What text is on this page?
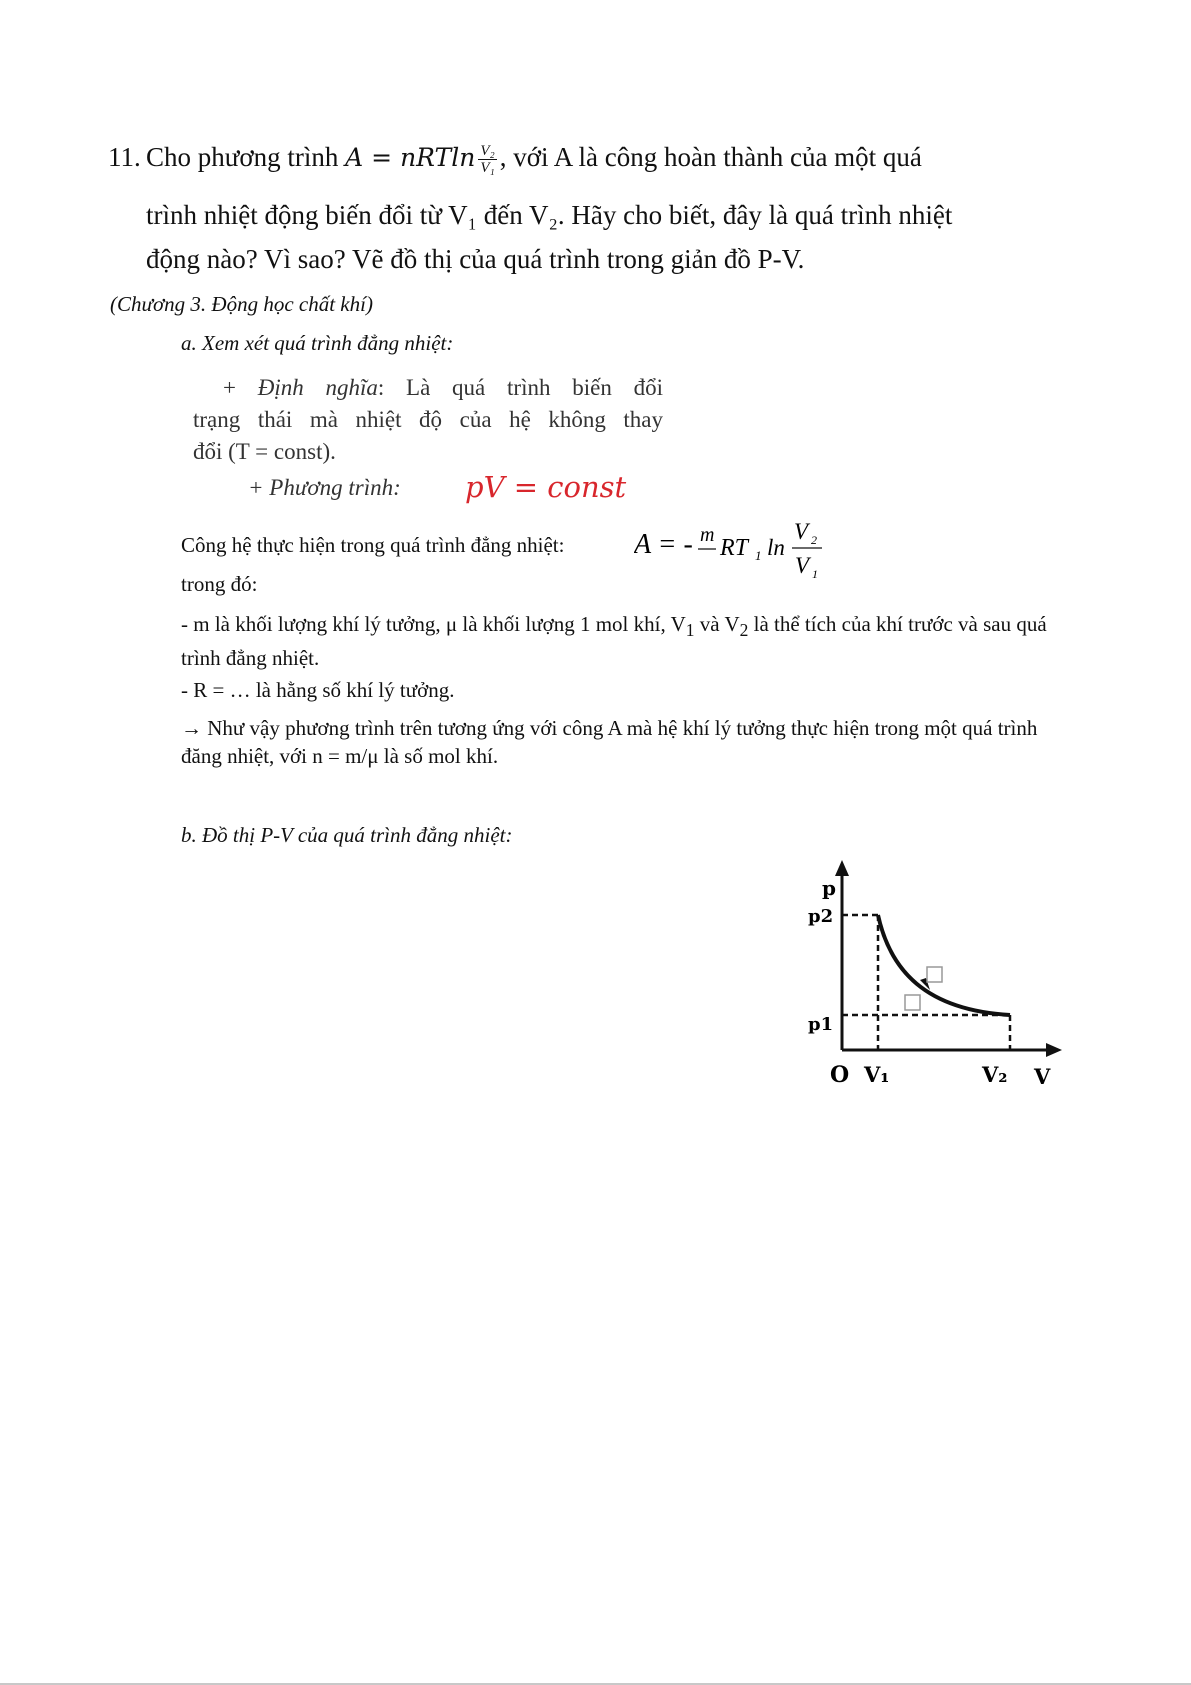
11. Cho phương trình A = nRTln $\frac{\text{V₂}}{\text{V₁}}$ , với A là công hoàn thành của một quá
trình nhiệt động biến đổi từ V₁ đến V₂. Hãy cho biết, đây là quá trình nhiệt
động nào? Vì sao? Vẽ đồ thị của quá trình trong giản đồ P-V.
(Chương 3. Động học chất khí)
a. Xem xét quá trình đẳng nhiệt:
+ Định nghĩa: Là quá trình biến đổi
trạng thái mà nhiệt độ của hệ không thay
đổi (T = const).
+ Phương trình: pV = const
Công hệ thực hiện trong quá trình đẳng nhiệt: A = - m RT 1 ln
V 2
V 1
trong đó:
- m là khối lượng khí lý tưởng, μ là khối lượng 1 mol khí, $V_1$ và $V_2$ là thể tích của khí trước và sau quá trình đẳng nhiệt.
- R = … là hằng số khí lý tưởng.
→ Như vậy phương trình trên tương ứng với công A mà hệ khí lý tưởng thực hiện trong một quá trình đăng nhiệt, với n = m/μ là số mol khí.
b. Đồ thị P-V của quá trình đẳng nhiệt:
p
p2
p1
O V₁	V₂ V
